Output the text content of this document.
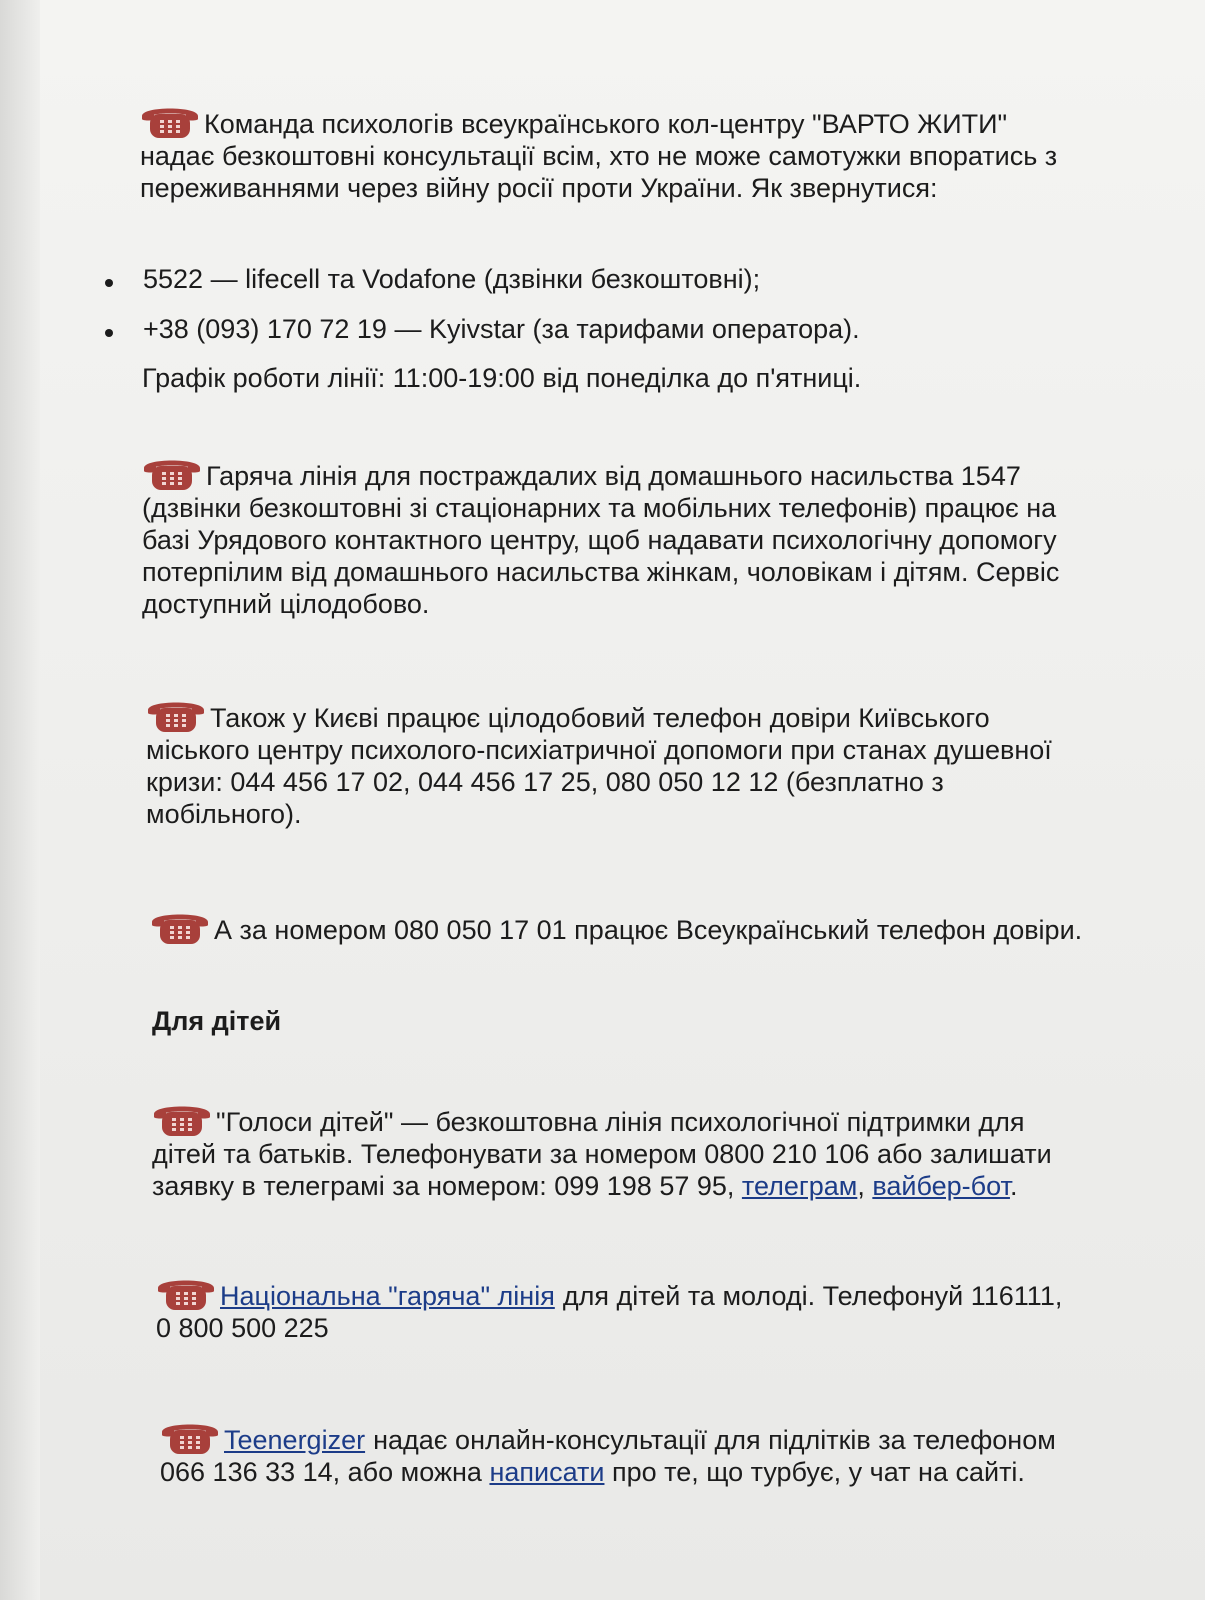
Команда психологів всеукраїнського кол-центру "ВАРТО ЖИТИ"
надає безкоштовні консультації всім, хто не може самотужки впоратись з
переживаннями через війну росії проти України. Як звернутися:
5522 — lifecell та Vodafone (дзвінки безкоштовні);
+38 (093) 170 72 19 — Kyivstar (за тарифами оператора).
Графік роботи лінії: 11:00-19:00 від понеділка до п'ятниці.
Гаряча лінія для постраждалих від домашнього насильства 1547
(дзвінки безкоштовні зі стаціонарних та мобільних телефонів) працює на
базі Урядового контактного центру, щоб надавати психологічну допомогу
потерпілим від домашнього насильства жінкам, чоловікам і дітям. Сервіс
доступний цілодобово.
Також у Києві працює цілодобовий телефон довіри Київського
міського центру психолого-психіатричної допомоги при станах душевної
кризи: 044 456 17 02, 044 456 17 25, 080 050 12 12 (безплатно з
мобільного).
А за номером 080 050 17 01 працює Всеукраїнський телефон довіри.
Для дітей
"Голоси дітей" — безкоштовна лінія психологічної підтримки для
дітей та батьків. Телефонувати за номером 0800 210 106 або залишати
заявку в телеграмі за номером: 099 198 57 95, телеграм, вайбер-бот.
Національна "гаряча" лінія для дітей та молоді. Телефонуй 116111,
0 800 500 225
Teenergizer надає онлайн-консультації для підлітків за телефоном
066 136 33 14, або можна написати про те, що турбує, у чат на сайті.
